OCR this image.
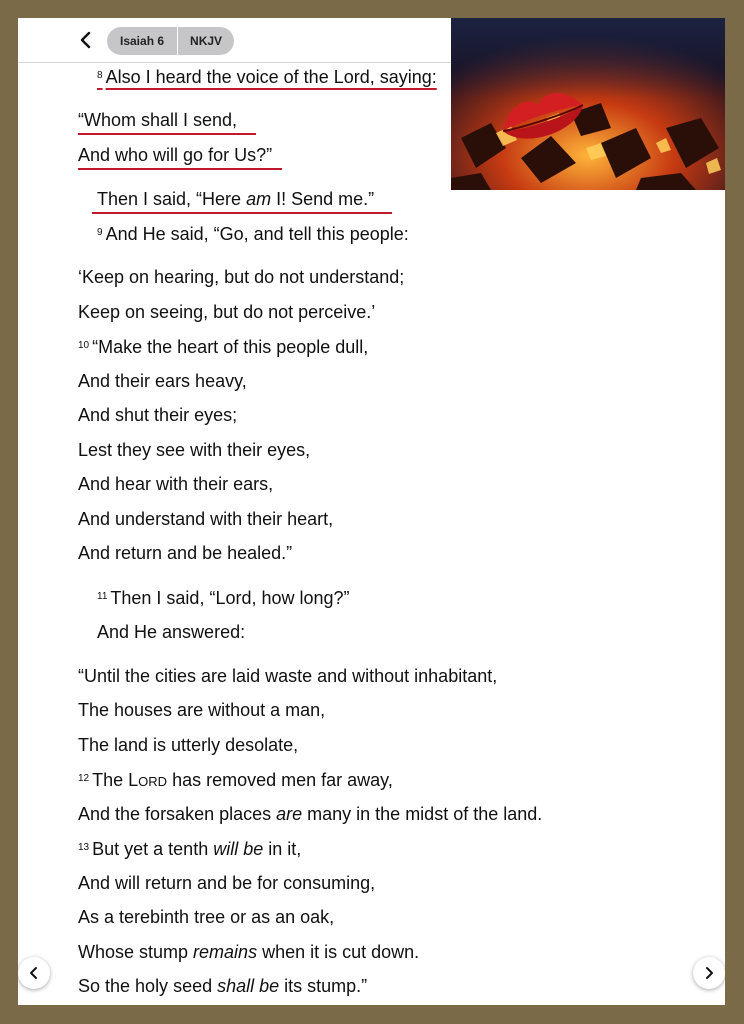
Isaiah 6	NKJV
$^8$ Also I heard the voice of the Lord, saying:
“Whom shall I send,
And who will go for Us?”
Then I said, “Here am I! Send me.”
$^9$ And He said, “Go, and tell this people:
‘Keep on hearing, but do not understand;
Keep on seeing, but do not perceive.’
$^{10}$ “Make the heart of this people dull,
And their ears heavy,
And shut their eyes;
Lest they see with their eyes,
And hear with their ears,
And understand with their heart,
And return and be healed.”
$^{11}$ Then I said, “Lord, how long?”
And He answered:
“Until the cities are laid waste and without inhabitant,
The houses are without a man,
The land is utterly desolate,
$^{12}$ The Lord has removed men far away,
And the forsaken places are many in the midst of the land.
$^{13}$ But yet a tenth will be in it,
And will return and be for consuming,
As a terebinth tree or as an oak,
Whose stump remains when it is cut down.
So the holy seed shall be its stump.”
